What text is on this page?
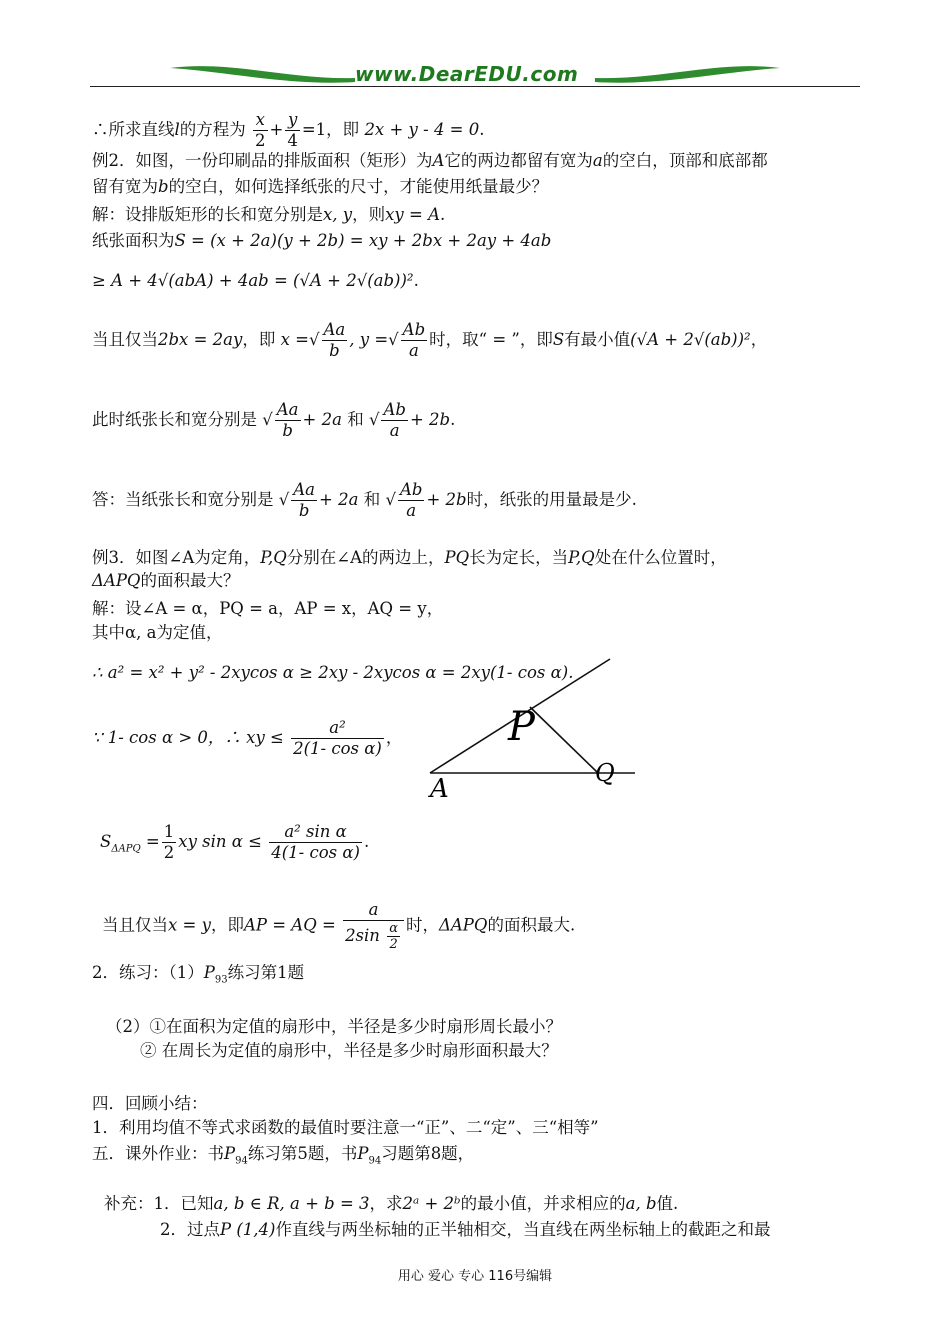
www.DearEDU.com
∴所求直线l的方程为 $\frac{x}{2} + \frac{y}{4} =1$，即 2x + y - 4 = 0.
例2．如图，一份印刷品的排版面积（矩形）为A它的两边都留有宽为a的空白，顶部和底部都
留有宽为b的空白，如何选择纸张的尺寸，才能使用纸量最少？
解：设排版矩形的长和宽分别是x, y，则xy = A.
纸张面积为S = (x + 2a)(y + 2b) = xy + 2bx + 2ay + 4ab
≥ A + 4√(abA) + 4ab = (√A + 2√(ab))².
当且仅当2bx = 2ay，即 x =√ $\frac{Aa}{b}$ , y =√ $\frac{Ab}{a}$ 时，取“ = ”，即S有最小值(√A + 2√(ab))²，
此时纸张长和宽分别是 √ $\frac{Aa}{b} + 2a$ 和 √ $\frac{Ab}{a} + 2b$.
答：当纸张长和宽分别是 √ $\frac{Aa}{b} + 2a$ 和 √ $\frac{Ab}{a} + 2b$时，纸张的用量最是少.
例3．如图∠A为定角，P,Q分别在∠A的两边上，PQ长为定长，当P,Q处在什么位置时，
ΔAPQ的面积最大？
解：设∠A = α，PQ = a，AP = x，AQ = y，
其中α, a为定值，
∴ a² = x² + y² - 2xycos α ≥ 2xy - 2xycos α = 2xy(1- cos α).
∵ 1- cos α > 0，∴ xy ≤ $\frac{\text{a²}}{\text{2(1- cos α)}}$ ，
A
P
Q
$S_{\Delta APQ} = \frac{1}{2}$ xy $\sin \alpha \le \frac{\text{a² sin α}}{\text{4(1- cos α)}}$ .
当且仅当x = y，即AP = AQ = $\frac{a}{2\sin \frac{\alpha}{2}}$ 时，ΔAPQ的面积最大.
2．练习：$(1)P_{93}$练习第1题
（2）①在面积为定值的扇形中，半径是多少时扇形周长最小？
② 在周长为定值的扇形中，半径是多少时扇形面积最大？
四．回顾小结：
1．利用均值不等式求函数的最值时要注意一“正”、二“定”、三“相等”
五．课外作业：书$P_{94}$练习第5题，书$P_{94}$习题第8题，
补充：1．已知a, b ∈ R, a + b = 3，求2ᵃ + 2ᵇ的最小值，并求相应的a, b值.
2．过点P (1,4)作直线与两坐标轴的正半轴相交，当直线在两坐标轴上的截距之和最
用心 爱心 专心 116号编辑
